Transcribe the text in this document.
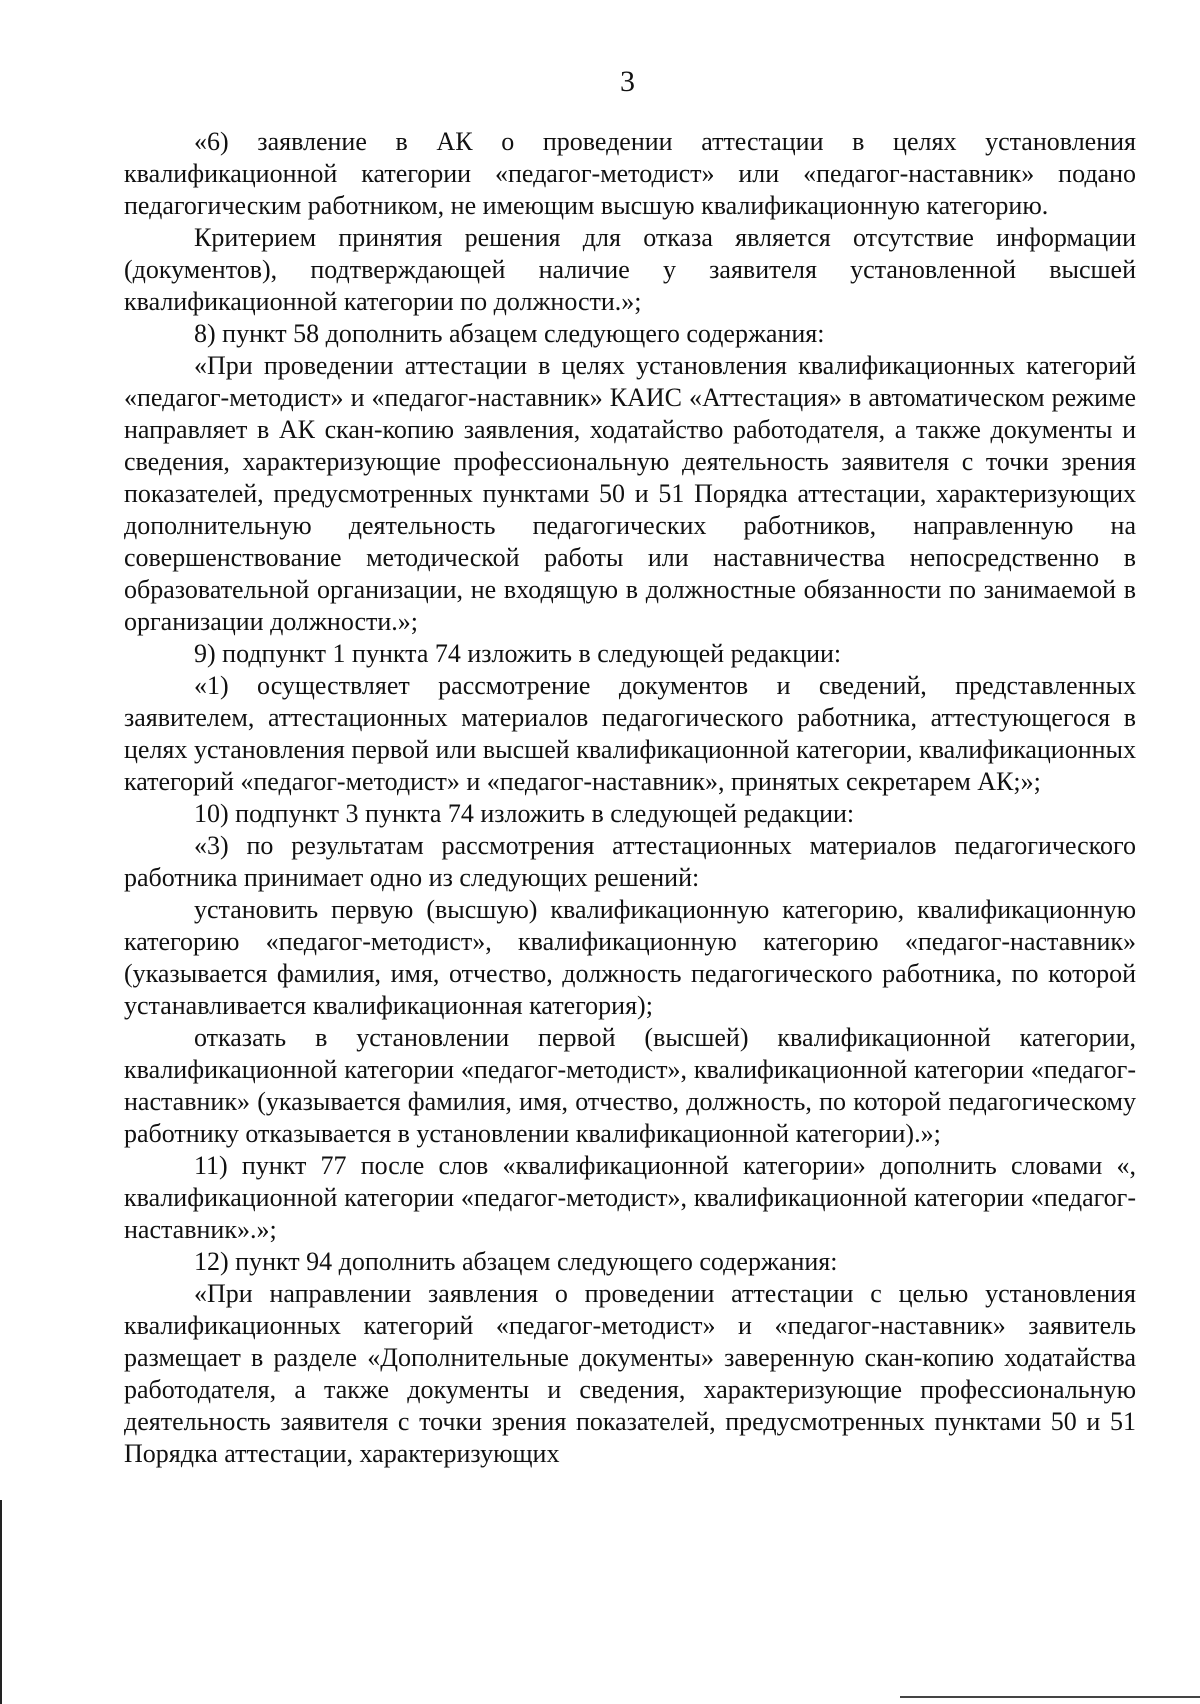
3

«6) заявление в АК о проведении аттестации в целях установления квалификационной категории «педагог-методист» или «педагог-наставник» подано педагогическим работником, не имеющим высшую квалификационную категорию.

Критерием принятия решения для отказа является отсутствие информации (документов), подтверждающей наличие у заявителя установленной высшей квалификационной категории по должности.»;

8) пункт 58 дополнить абзацем следующего содержания:

«При проведении аттестации в целях установления квалификационных категорий «педагог-методист» и «педагог-наставник» КАИС «Аттестация» в автоматическом режиме направляет в АК скан-копию заявления, ходатайство работодателя, а также документы и сведения, характеризующие профессиональную деятельность заявителя с точки зрения показателей, предусмотренных пунктами 50 и 51 Порядка аттестации, характеризующих дополнительную деятельность педагогических работников, направленную на совершенствование методической работы или наставничества непосредственно в образовательной организации, не входящую в должностные обязанности по занимаемой в организации должности.»;

9) подпункт 1 пункта 74 изложить в следующей редакции:

«1) осуществляет рассмотрение документов и сведений, представленных заявителем, аттестационных материалов педагогического работника, аттестующегося в целях установления первой или высшей квалификационной категории, квалификационных категорий «педагог-методист» и «педагог-наставник», принятых секретарем АК;»;

10) подпункт 3 пункта 74 изложить в следующей редакции:

«3) по результатам рассмотрения аттестационных материалов педагогического работника принимает одно из следующих решений:

установить первую (высшую) квалификационную категорию, квалификационную категорию «педагог-методист», квалификационную категорию «педагог-наставник» (указывается фамилия, имя, отчество, должность педагогического работника, по которой устанавливается квалификационная категория);

отказать в установлении первой (высшей) квалификационной категории, квалификационной категории «педагог-методист», квалификационной категории «педагог-наставник» (указывается фамилия, имя, отчество, должность, по которой педагогическому работнику отказывается в установлении квалификационной категории).»;

11) пункт 77 после слов «квалификационной категории» дополнить словами «, квалификационной категории «педагог-методист», квалификационной категории «педагог-наставник».»;

12) пункт 94 дополнить абзацем следующего содержания:

«При направлении заявления о проведении аттестации с целью установления квалификационных категорий «педагог-методист» и «педагог-наставник» заявитель размещает в разделе «Дополнительные документы» заверенную скан-копию ходатайства работодателя, а также документы и сведения, характеризующие профессиональную деятельность заявителя с точки зрения показателей, предусмотренных пунктами 50 и 51 Порядка аттестации, характеризующих
